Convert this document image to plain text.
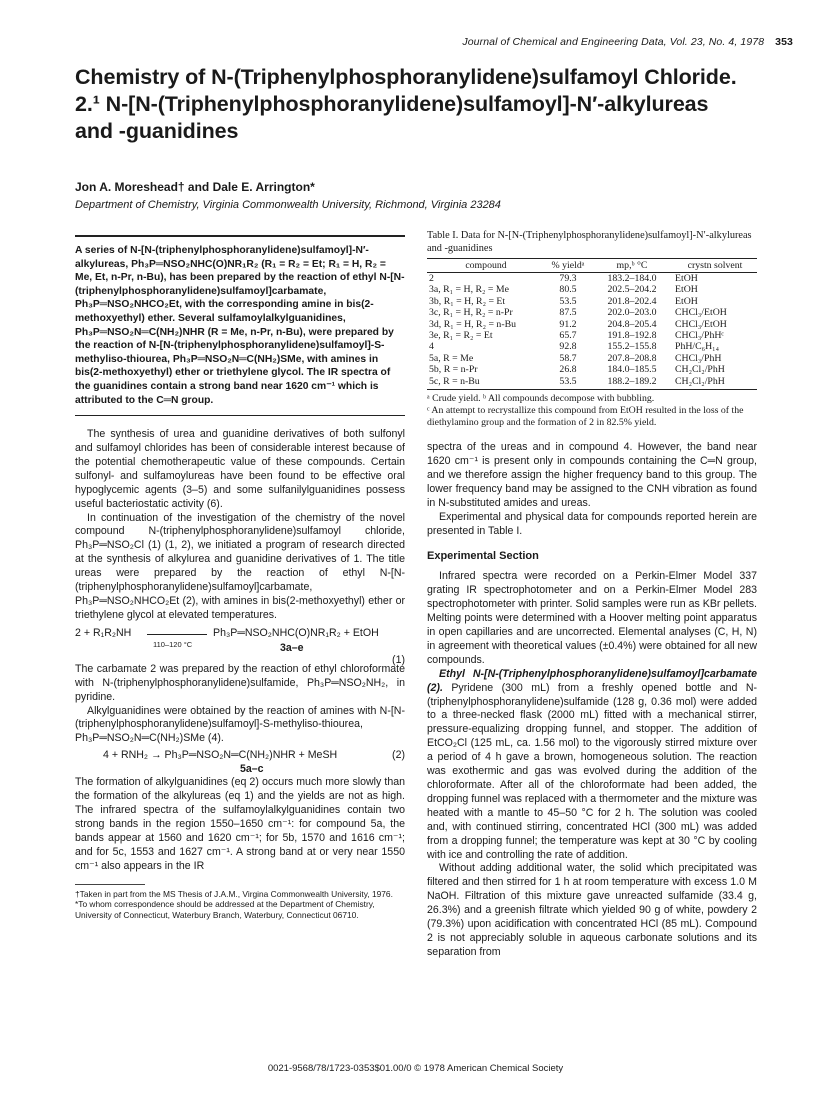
Journal of Chemical and Engineering Data, Vol. 23, No. 4, 1978 353
Chemistry of N-(Triphenylphosphoranylidene)sulfamoyl Chloride.
2.¹ N-[N-(Triphenylphosphoranylidene)sulfamoyl]-N′-alkylureas
and -guanidines
Jon A. Moreshead† and Dale E. Arrington*
Department of Chemistry, Virginia Commonwealth University, Richmond, Virginia 23284
A series of N-[N-(triphenylphosphoranylidene)sulfamoyl]-N′-alkylureas, Ph₃P═NSO₂NHC(O)NR₁R₂ (R₁ = R₂ = Et; R₁ = H, R₂ = Me, Et, n-Pr, n-Bu), has been prepared by the reaction of ethyl N-[N-(triphenylphosphoranylidene)sulfamoyl]carbamate, Ph₃P═NSO₂NHCO₂Et, with the corresponding amine in bis(2-methoxyethyl) ether. Several sulfamoylalkylguanidines, Ph₃P═NSO₂N═C(NH₂)NHR (R = Me, n-Pr, n-Bu), were prepared by the reaction of N-[N-(triphenylphosphoranylidene)sulfamoyl]-S-methyliso-thiourea, Ph₃P═NSO₂N═C(NH₂)SMe, with amines in bis(2-methoxyethyl) ether or triethylene glycol. The IR spectra of the guanidines contain a strong band near 1620 cm⁻¹ which is attributed to the C═N group.

The synthesis of urea and guanidine derivatives of both sulfonyl and sulfamoyl chlorides has been of considerable interest because of the potential chemotherapeutic value of these compounds. Certain sulfonyl- and sulfamoylureas have been found to be effective oral hypoglycemic agents (3–5) and some sulfanilylguanidines possess useful bacteriostatic activity (6).

In continuation of the investigation of the chemistry of the novel compound N-(triphenylphosphoranylidene)sulfamoyl chloride, Ph₃P═NSO₂Cl (1) (1, 2), we initiated a program of research directed at the synthesis of alkylurea and guanidine derivatives of 1. The title ureas were prepared by the reaction of ethyl N-[N-(triphenylphosphoranylidene)sulfamoyl]carbamate, Ph₃P═NSO₂NHCO₂Et (2), with amines in bis(2-methoxyethyl) ether or triethylene glycol at elevated temperatures.

2 + R₁R₂NH
110–120 °C
Ph₃P═NSO₂NHC(O)NR₁R₂ + EtOH
3a–e
(1)

The carbamate 2 was prepared by the reaction of ethyl chloroformate with N-(triphenylphosphoranylidene)sulfamide, Ph₃P═NSO₂NH₂, in pyridine.

Alkylguanidines were obtained by the reaction of amines with N-[N-(triphenylphosphoranylidene)sulfamoyl]-S-methyliso-thiourea, Ph₃P═NSO₂N═C(NH₂)SMe (4).

4 + RNH₂ → Ph₃P═NSO₂N═C(NH₂)NHR + MeSH	(2)
5a–c

The formation of alkylguanidines (eq 2) occurs much more slowly than the formation of the alkylureas (eq 1) and the yields are not as high. The infrared spectra of the sulfamoylalkylguanidines contain two strong bands in the region 1550–1650 cm⁻¹: for compound 5a, the bands appear at 1560 and 1620 cm⁻¹; for 5b, 1570 and 1616 cm⁻¹; and for 5c, 1553 and 1627 cm⁻¹. A strong band at or very near 1550 cm⁻¹ also appears in the IR

†Taken in part from the MS Thesis of J.A.M., Virgina Commonwealth University, 1976.
*To whom correspondence should be addressed at the Department of Chemistry, University of Connecticut, Waterbury Branch, Waterbury, Connecticut 06710.
Table I. Data for N-[N-(Triphenylphosphoranylidene)sulfamoyl]-N′-alkylureas and -guanidines
compound	% yieldᵃ	mp,ᵇ °C	crystn solvent
2	79.3	183.2–184.0	EtOH
3a, R₁ = H, R₂ = Me	80.5	202.5–204.2	EtOH
3b, R₁ = H, R₂ = Et	53.5	201.8–202.4	EtOH
3c, R₁ = H, R₂ = n-Pr	87.5	202.0–203.0	CHCl₃/EtOH
3d, R₁ = H, R₂ = n-Bu	91.2	204.8–205.4	CHCl₃/EtOH
3e, R₁ = R₂ = Et	65.7	191.8–192.8	CHCl₃/PhHᶜ
4	92.8	155.2–155.8	PhH/C₆H₁₄
5a, R = Me	58.7	207.8–208.8	CHCl₃/PhH
5b, R = n-Pr	26.8	184.0–185.5	CH₂Cl₂/PhH
5c, R = n-Bu	53.5	188.2–189.2	CH₂Cl₂/PhH
ᵃ Crude yield. ᵇ All compounds decompose with bubbling.
ᶜ An attempt to recrystallize this compound from EtOH resulted in the loss of the diethylamino group and the formation of 2 in 82.5% yield.

spectra of the ureas and in compound 4. However, the band near 1620 cm⁻¹ is present only in compounds containing the C═N group, and we therefore assign the higher frequency band to this group. The lower frequency band may be assigned to the CNH vibration as found in N-substituted amides and ureas.

Experimental and physical data for compounds reported herein are presented in Table I.

Experimental Section

Infrared spectra were recorded on a Perkin-Elmer Model 337 grating IR spectrophotometer and on a Perkin-Elmer Model 283 spectrophotometer with printer. Solid samples were run as KBr pellets. Melting points were determined with a Hoover melting point apparatus in open capillaries and are uncorrected. Elemental analyses (C, H, N) in agreement with theoretical values (±0.4%) were obtained for all new compounds.

Ethyl N-[N-(Triphenylphosphoranylidene)sulfamoyl]carbamate (2). Pyridene (300 mL) from a freshly opened bottle and N-(triphenylphosphoranylidene)sulfamide (128 g, 0.36 mol) were added to a three-necked flask (2000 mL) fitted with a mechanical stirrer, pressure-equalizing dropping funnel, and stopper. The addition of EtCO₂Cl (125 mL, ca. 1.56 mol) to the vigorously stirred mixture over a period of 4 h gave a brown, homogeneous solution. The reaction was exothermic and gas was evolved during the addition of the chloroformate. After all of the chloroformate had been added, the dropping funnel was replaced with a thermometer and the mixture was heated with a mantle to 45–50 °C for 2 h. The solution was cooled and, with continued stirring, concentrated HCl (300 mL) was added from a dropping funnel; the temperature was kept at 30 °C by cooling with ice and controlling the rate of addition.

Without adding additional water, the solid which precipitated was filtered and then stirred for 1 h at room temperature with excess 1.0 M NaOH. Filtration of this mixture gave unreacted sulfamide (33.4 g, 26.3%) and a greenish filtrate which yielded 90 g of white, powdery 2 (79.3%) upon acidification with concentrated HCl (85 mL). Compound 2 is not appreciably soluble in aqueous carbonate solutions and its separation from

0021-9568/78/1723-0353$01.00/0 © 1978 American Chemical Society
